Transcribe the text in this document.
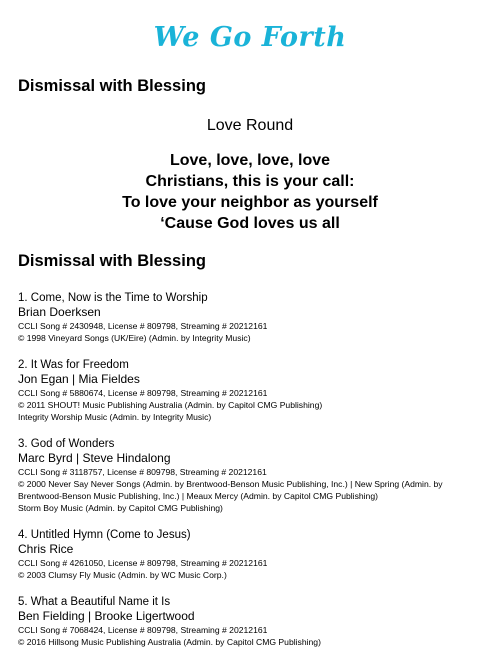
We Go Forth
Dismissal with Blessing
Love Round
Love, love, love, love
Christians, this is your call:
To love your neighbor as yourself
‘Cause God loves us all
Dismissal with Blessing
1. Come, Now is the Time to Worship
Brian Doerksen
CCLI Song # 2430948, License # 809798, Streaming # 20212161
© 1998 Vineyard Songs (UK/Eire) (Admin. by Integrity Music)
2. It Was for Freedom
Jon Egan | Mia Fieldes
CCLI Song # 5880674, License # 809798, Streaming # 20212161
© 2011 SHOUT! Music Publishing Australia (Admin. by Capitol CMG Publishing)
Integrity Worship Music (Admin. by Integrity Music)
3. God of Wonders
Marc Byrd | Steve Hindalong
CCLI Song # 3118757, License # 809798, Streaming # 20212161
© 2000 Never Say Never Songs (Admin. by Brentwood-Benson Music Publishing, Inc.) | New Spring (Admin. by Brentwood-Benson Music Publishing, Inc.) | Meaux Mercy (Admin. by Capitol CMG Publishing)
Storm Boy Music (Admin. by Capitol CMG Publishing)
4. Untitled Hymn (Come to Jesus)
Chris Rice
CCLI Song # 4261050, License # 809798, Streaming # 20212161
© 2003 Clumsy Fly Music (Admin. by WC Music Corp.)
5. What a Beautiful Name it Is
Ben Fielding | Brooke Ligertwood
CCLI Song # 7068424, License # 809798, Streaming # 20212161
© 2016 Hillsong Music Publishing Australia (Admin. by Capitol CMG Publishing)
